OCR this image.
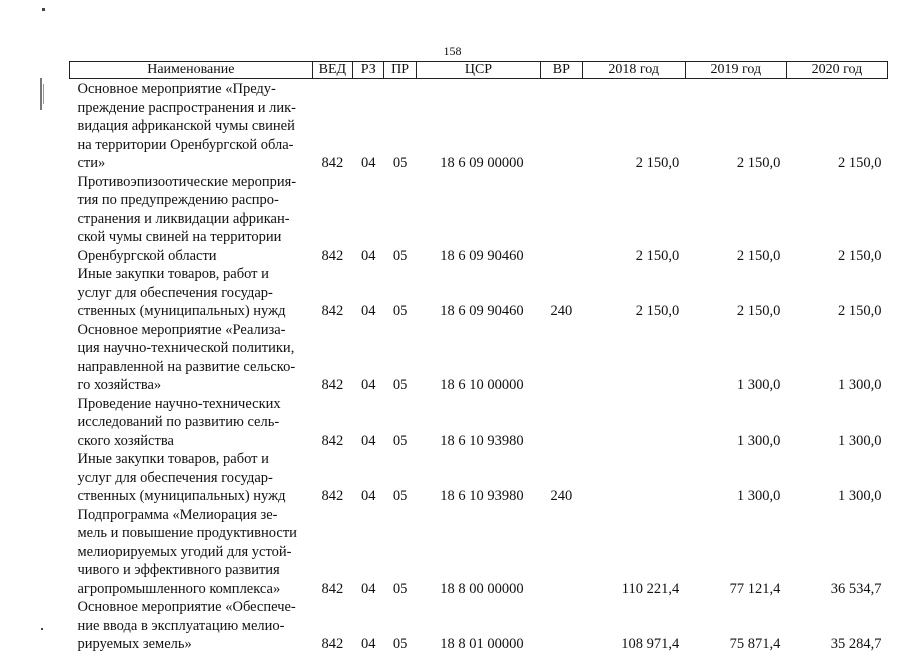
158
Наименование	ВЕД	РЗ	ПР	ЦСР	ВР	2018 год	2019 год	2020 год

Основное мероприятие «Преду-
преждение распространения и лик-
видация африканской чумы свиней
на территории Оренбургской обла-
сти»	842	04	05	18 6 09 00000		2 150,0	2 150,0	2 150,0

Противоэпизоотические мероприя-
тия по предупреждению распро-
странения и ликвидации африкан-
ской чумы свиней на территории
Оренбургской области	842	04	05	18 6 09 90460		2 150,0	2 150,0	2 150,0

Иные закупки товаров, работ и
услуг для обеспечения государ-
ственных (муниципальных) нужд	842	04	05	18 6 09 90460	240	2 150,0	2 150,0	2 150,0

Основное мероприятие «Реализа-
ция научно-технической политики,
направленной на развитие сельско-
го хозяйства»	842	04	05	18 6 10 00000			1 300,0	1 300,0

Проведение научно-технических
исследований по развитию сель-
ского хозяйства	842	04	05	18 6 10 93980			1 300,0	1 300,0

Иные закупки товаров, работ и
услуг для обеспечения государ-
ственных (муниципальных) нужд	842	04	05	18 6 10 93980	240		1 300,0	1 300,0

Подпрограмма «Мелиорация зе-
мель и повышение продуктивности
мелиорируемых угодий для устой-
чивого и эффективного развития
агропромышленного комплекса»	842	04	05	18 8 00 00000		110 221,4	77 121,4	36 534,7

Основное мероприятие «Обеспече-
ние ввода в эксплуатацию мелио-
рируемых земель»	842	04	05	18 8 01 00000		108 971,4	75 871,4	35 284,7
